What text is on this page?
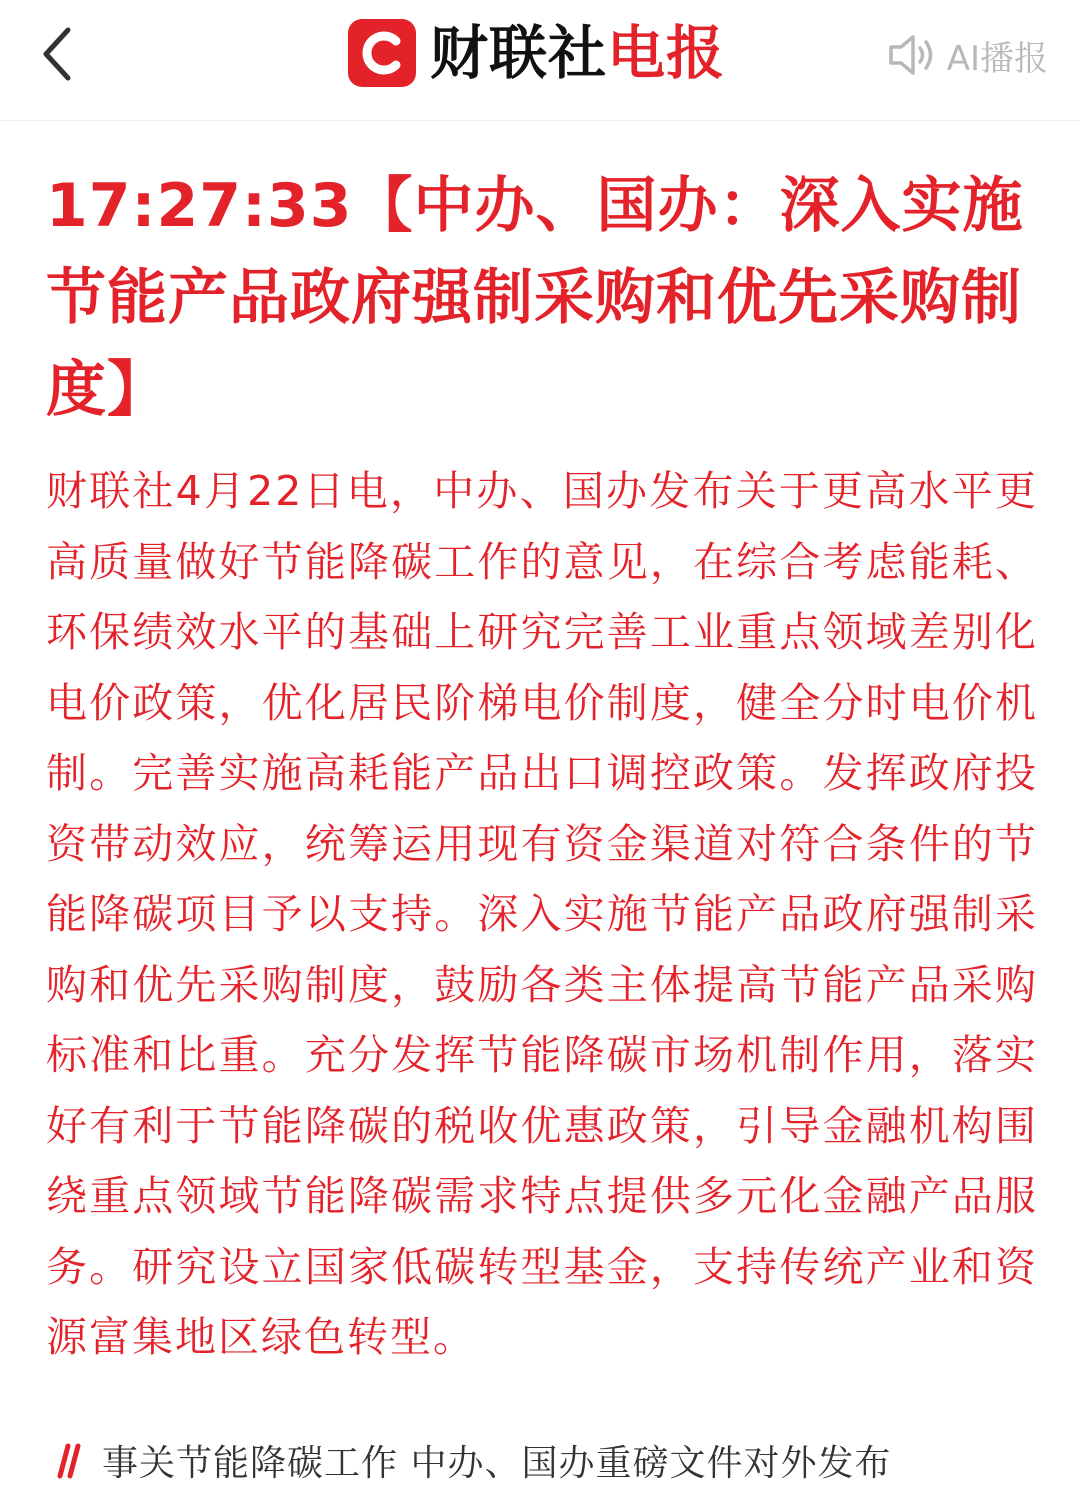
财联社电报	AI播报
17:27:33【中办、国办：深入实施节能产品政府强制采购和优先采购制度】

财联社4月22日电，中办、国办发布关于更高水平更高质量做好节能降碳工作的意见，在综合考虑能耗、环保绩效水平的基础上研究完善工业重点领域差别化电价政策，优化居民阶梯电价制度，健全分时电价机制。完善实施高耗能产品出口调控政策。发挥政府投资带动效应，统筹运用现有资金渠道对符合条件的节能降碳项目予以支持。深入实施节能产品政府强制采购和优先采购制度，鼓励各类主体提高节能产品采购标准和比重。充分发挥节能降碳市场机制作用，落实好有利于节能降碳的税收优惠政策，引导金融机构围绕重点领域节能降碳需求特点提供多元化金融产品服务。研究设立国家低碳转型基金，支持传统产业和资源富集地区绿色转型。

事关节能降碳工作 中办、国办重磅文件对外发布
